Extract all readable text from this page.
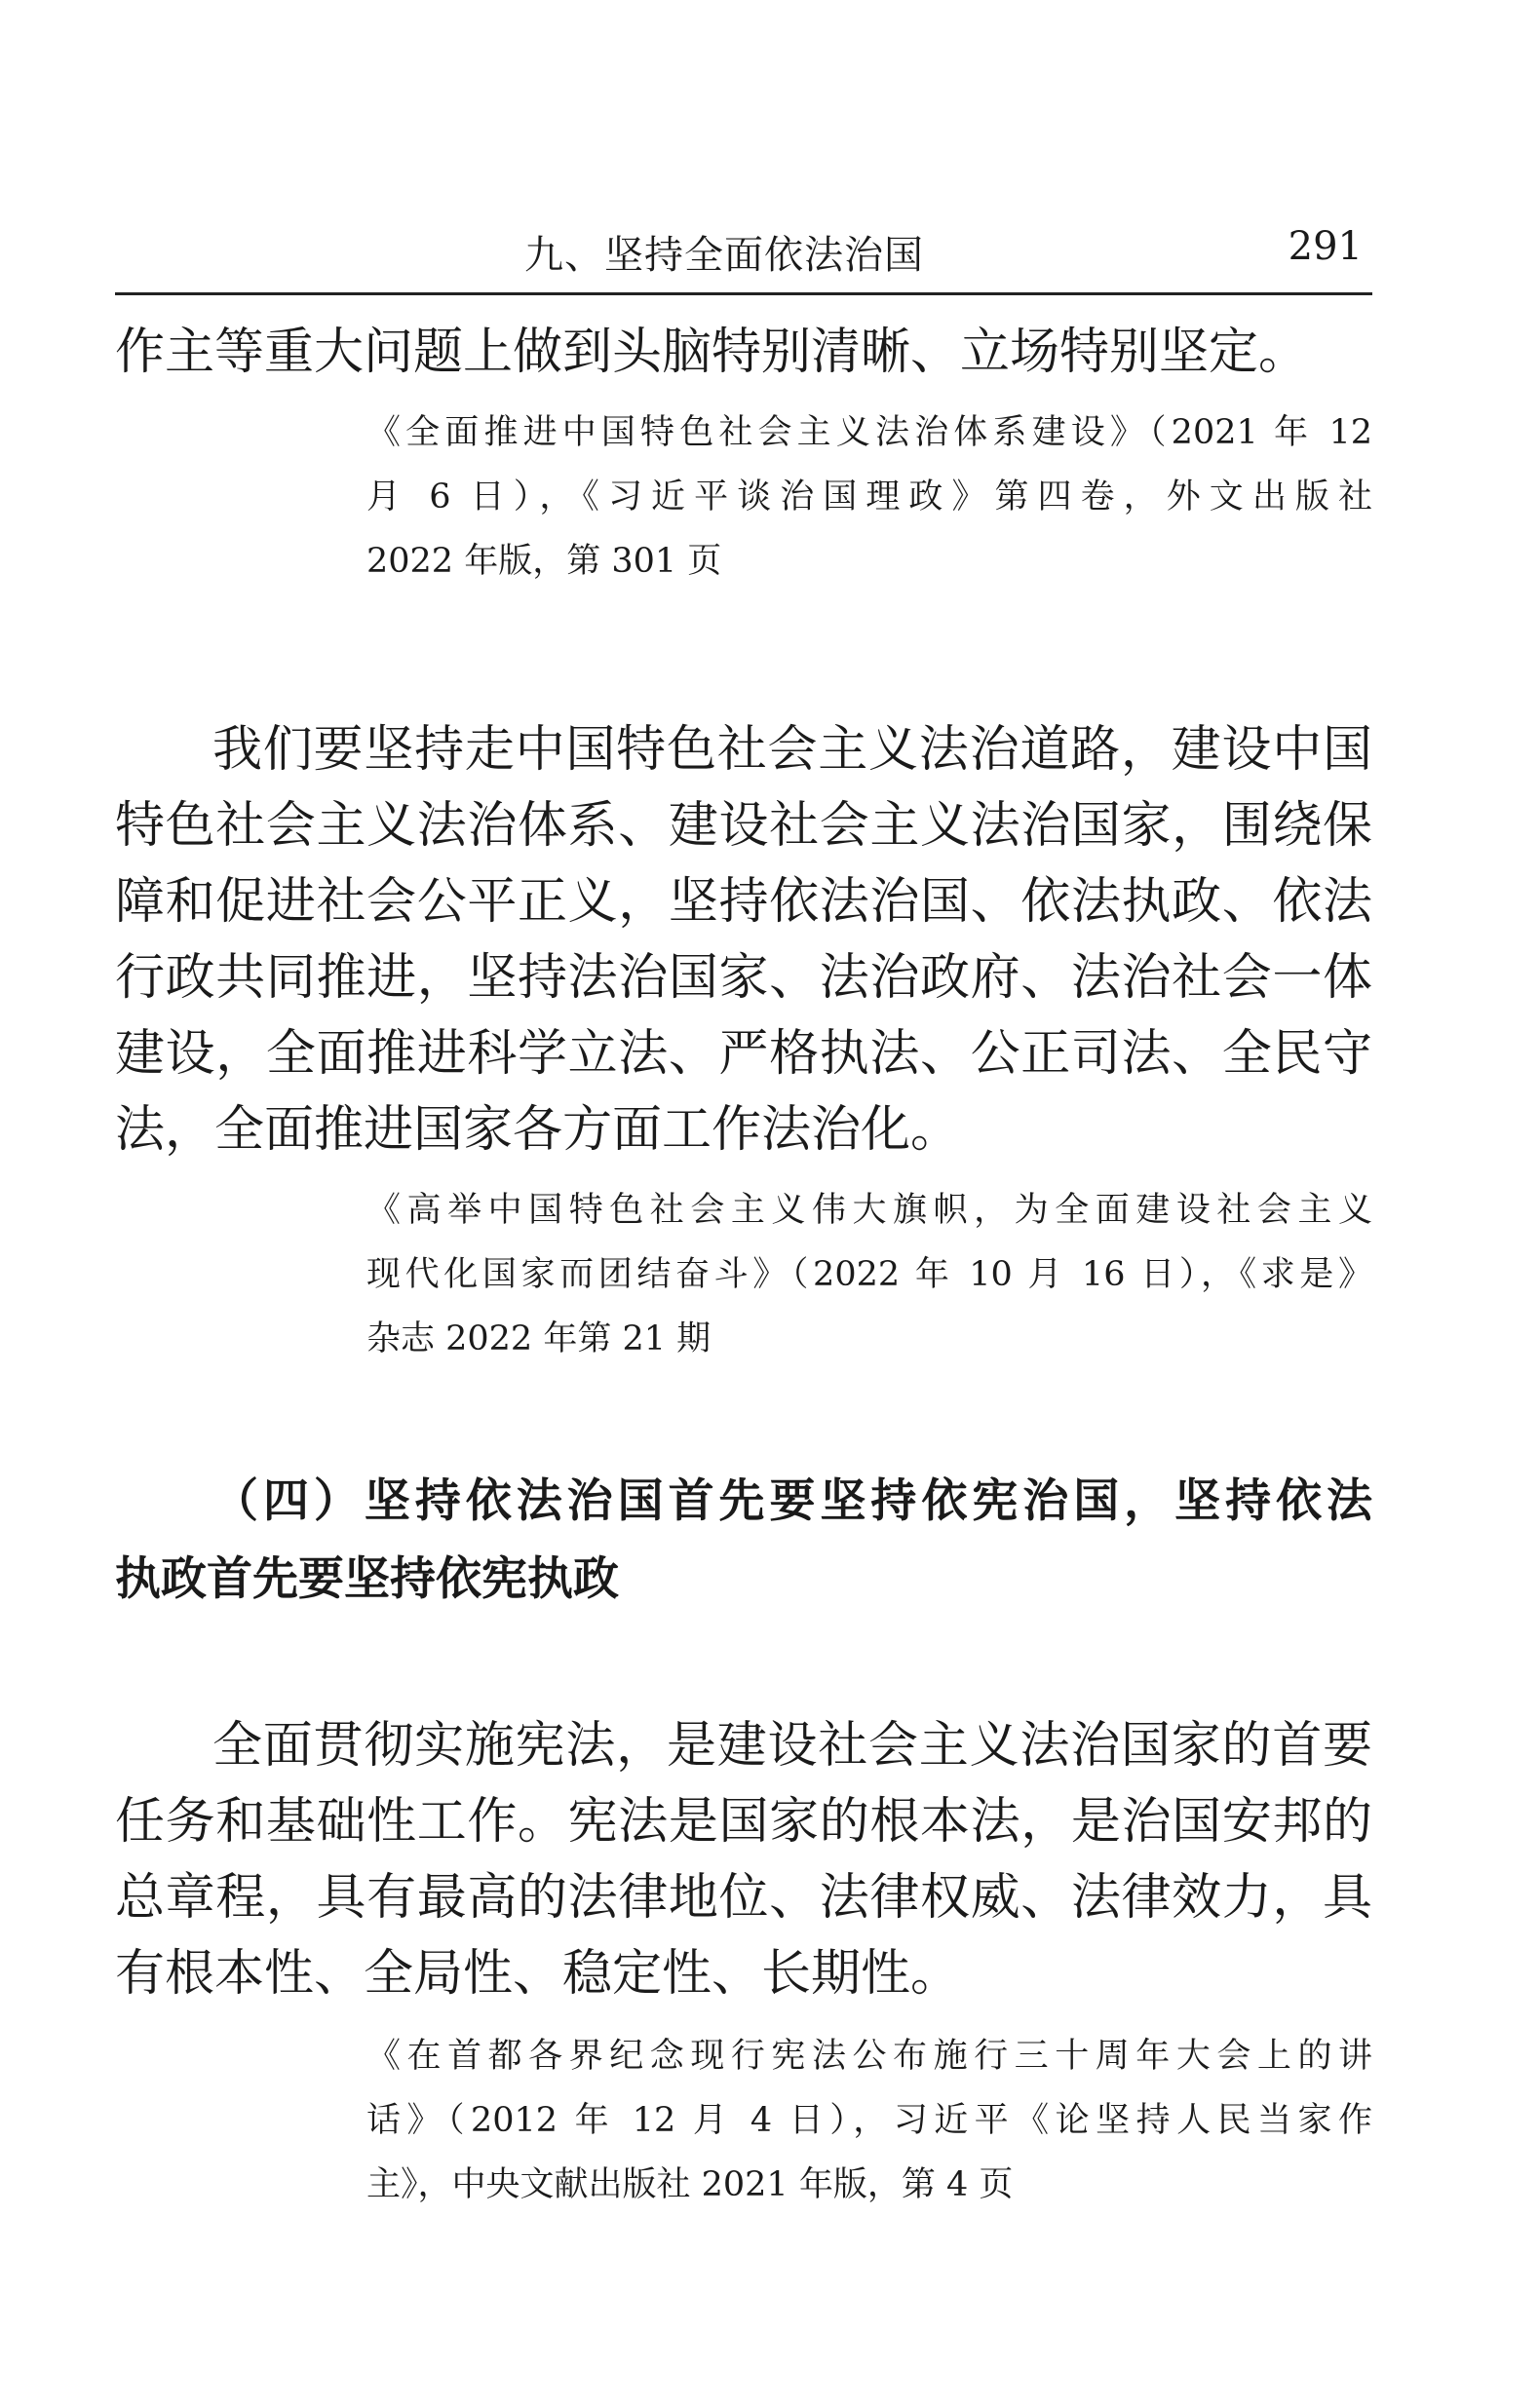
九、坚持全面依法治国	291
作主等重大问题上做到头脑特别清晰、立场特别坚定。
《全面推进中国特色社会主义法治体系建设》（2021 年 12
月 6 日），《习近平谈治国理政》第四卷，外文出版社
2022 年版，第 301 页
我们要坚持走中国特色社会主义法治道路，建设中国
特色社会主义法治体系、建设社会主义法治国家，围绕保
障和促进社会公平正义，坚持依法治国、依法执政、依法
行政共同推进，坚持法治国家、法治政府、法治社会一体
建设，全面推进科学立法、严格执法、公正司法、全民守
法，全面推进国家各方面工作法治化。
《高举中国特色社会主义伟大旗帜，为全面建设社会主义
现代化国家而团结奋斗》（2022 年 10 月 16 日），《求是》
杂志 2022 年第 21 期
（四）坚持依法治国首先要坚持依宪治国，坚持依法
执政首先要坚持依宪执政
全面贯彻实施宪法，是建设社会主义法治国家的首要
任务和基础性工作。宪法是国家的根本法，是治国安邦的
总章程，具有最高的法律地位、法律权威、法律效力，具
有根本性、全局性、稳定性、长期性。
《在首都各界纪念现行宪法公布施行三十周年大会上的讲
话》（2012 年 12 月 4 日），习近平《论坚持人民当家作
主》，中央文献出版社 2021 年版，第 4 页
